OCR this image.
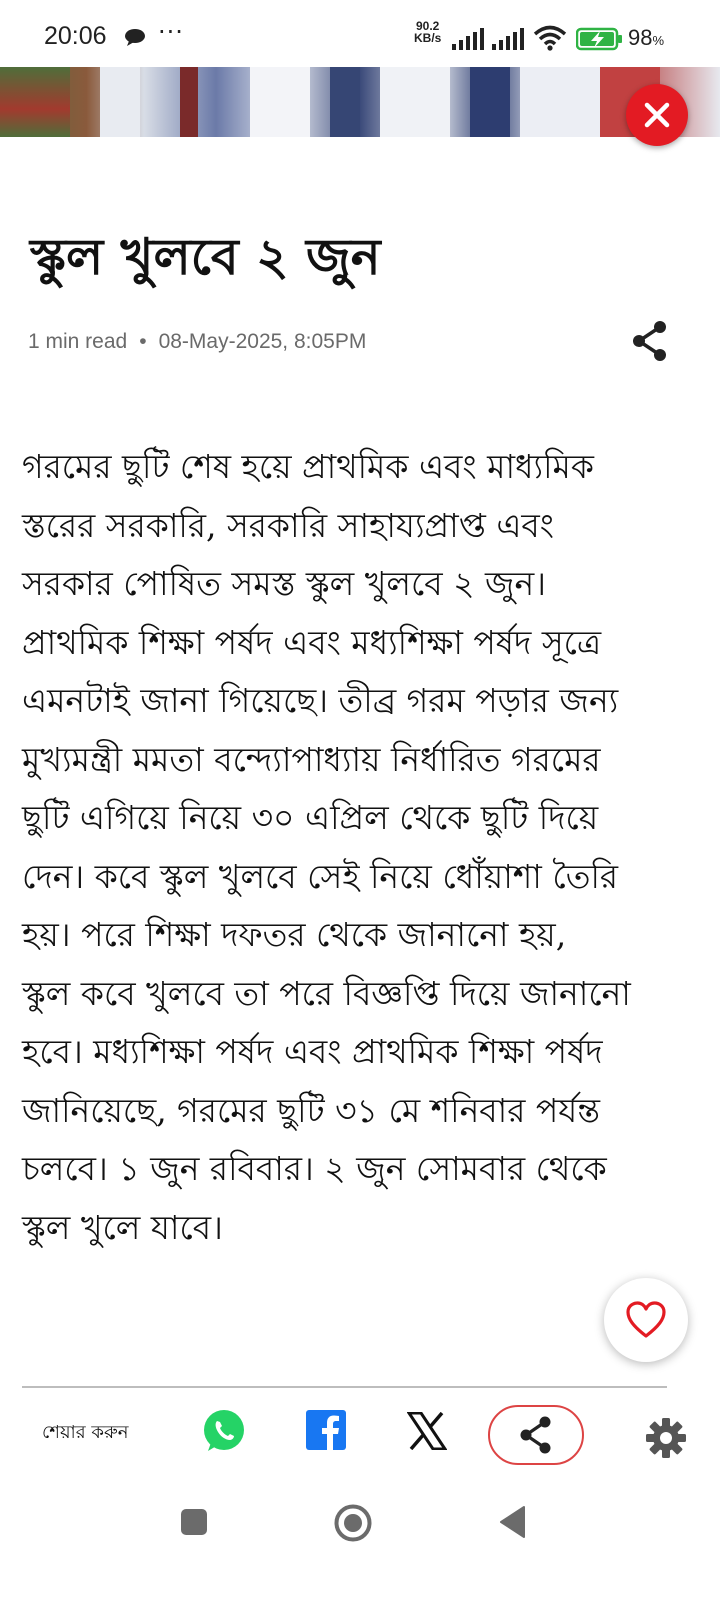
20:06 ···	90.2
KB/s	98%
স্কুল খুলবে ২ জুন
1 min read • 08-May-2025, 8:05PM
গরমের ছুটি শেষ হয়ে প্রাথমিক এবং মাধ্যমিক
স্তরের সরকারি, সরকারি সাহায্যপ্রাপ্ত এবং
সরকার পোষিত সমস্ত স্কুল খুলবে ২ জুন।
প্রাথমিক শিক্ষা পর্ষদ এবং মধ্যশিক্ষা পর্ষদ সূত্রে
এমনটাই জানা গিয়েছে। তীব্র গরম পড়ার জন্য
মুখ্যমন্ত্রী মমতা বন্দ্যোপাধ্যায় নির্ধারিত গরমের
ছুটি এগিয়ে নিয়ে ৩০ এপ্রিল থেকে ছুটি দিয়ে
দেন। কবে স্কুল খুলবে সেই নিয়ে ধোঁয়াশা তৈরি
হয়। পরে শিক্ষা দফতর থেকে জানানো হয়,
স্কুল কবে খুলবে তা পরে বিজ্ঞপ্তি দিয়ে জানানো
হবে। মধ্যশিক্ষা পর্ষদ এবং প্রাথমিক শিক্ষা পর্ষদ
জানিয়েছে, গরমের ছুটি ৩১ মে শনিবার পর্যন্ত
চলবে। ১ জুন রবিবার। ২ জুন সোমবার থেকে
স্কুল খুলে যাবে।
শেয়ার করুন
